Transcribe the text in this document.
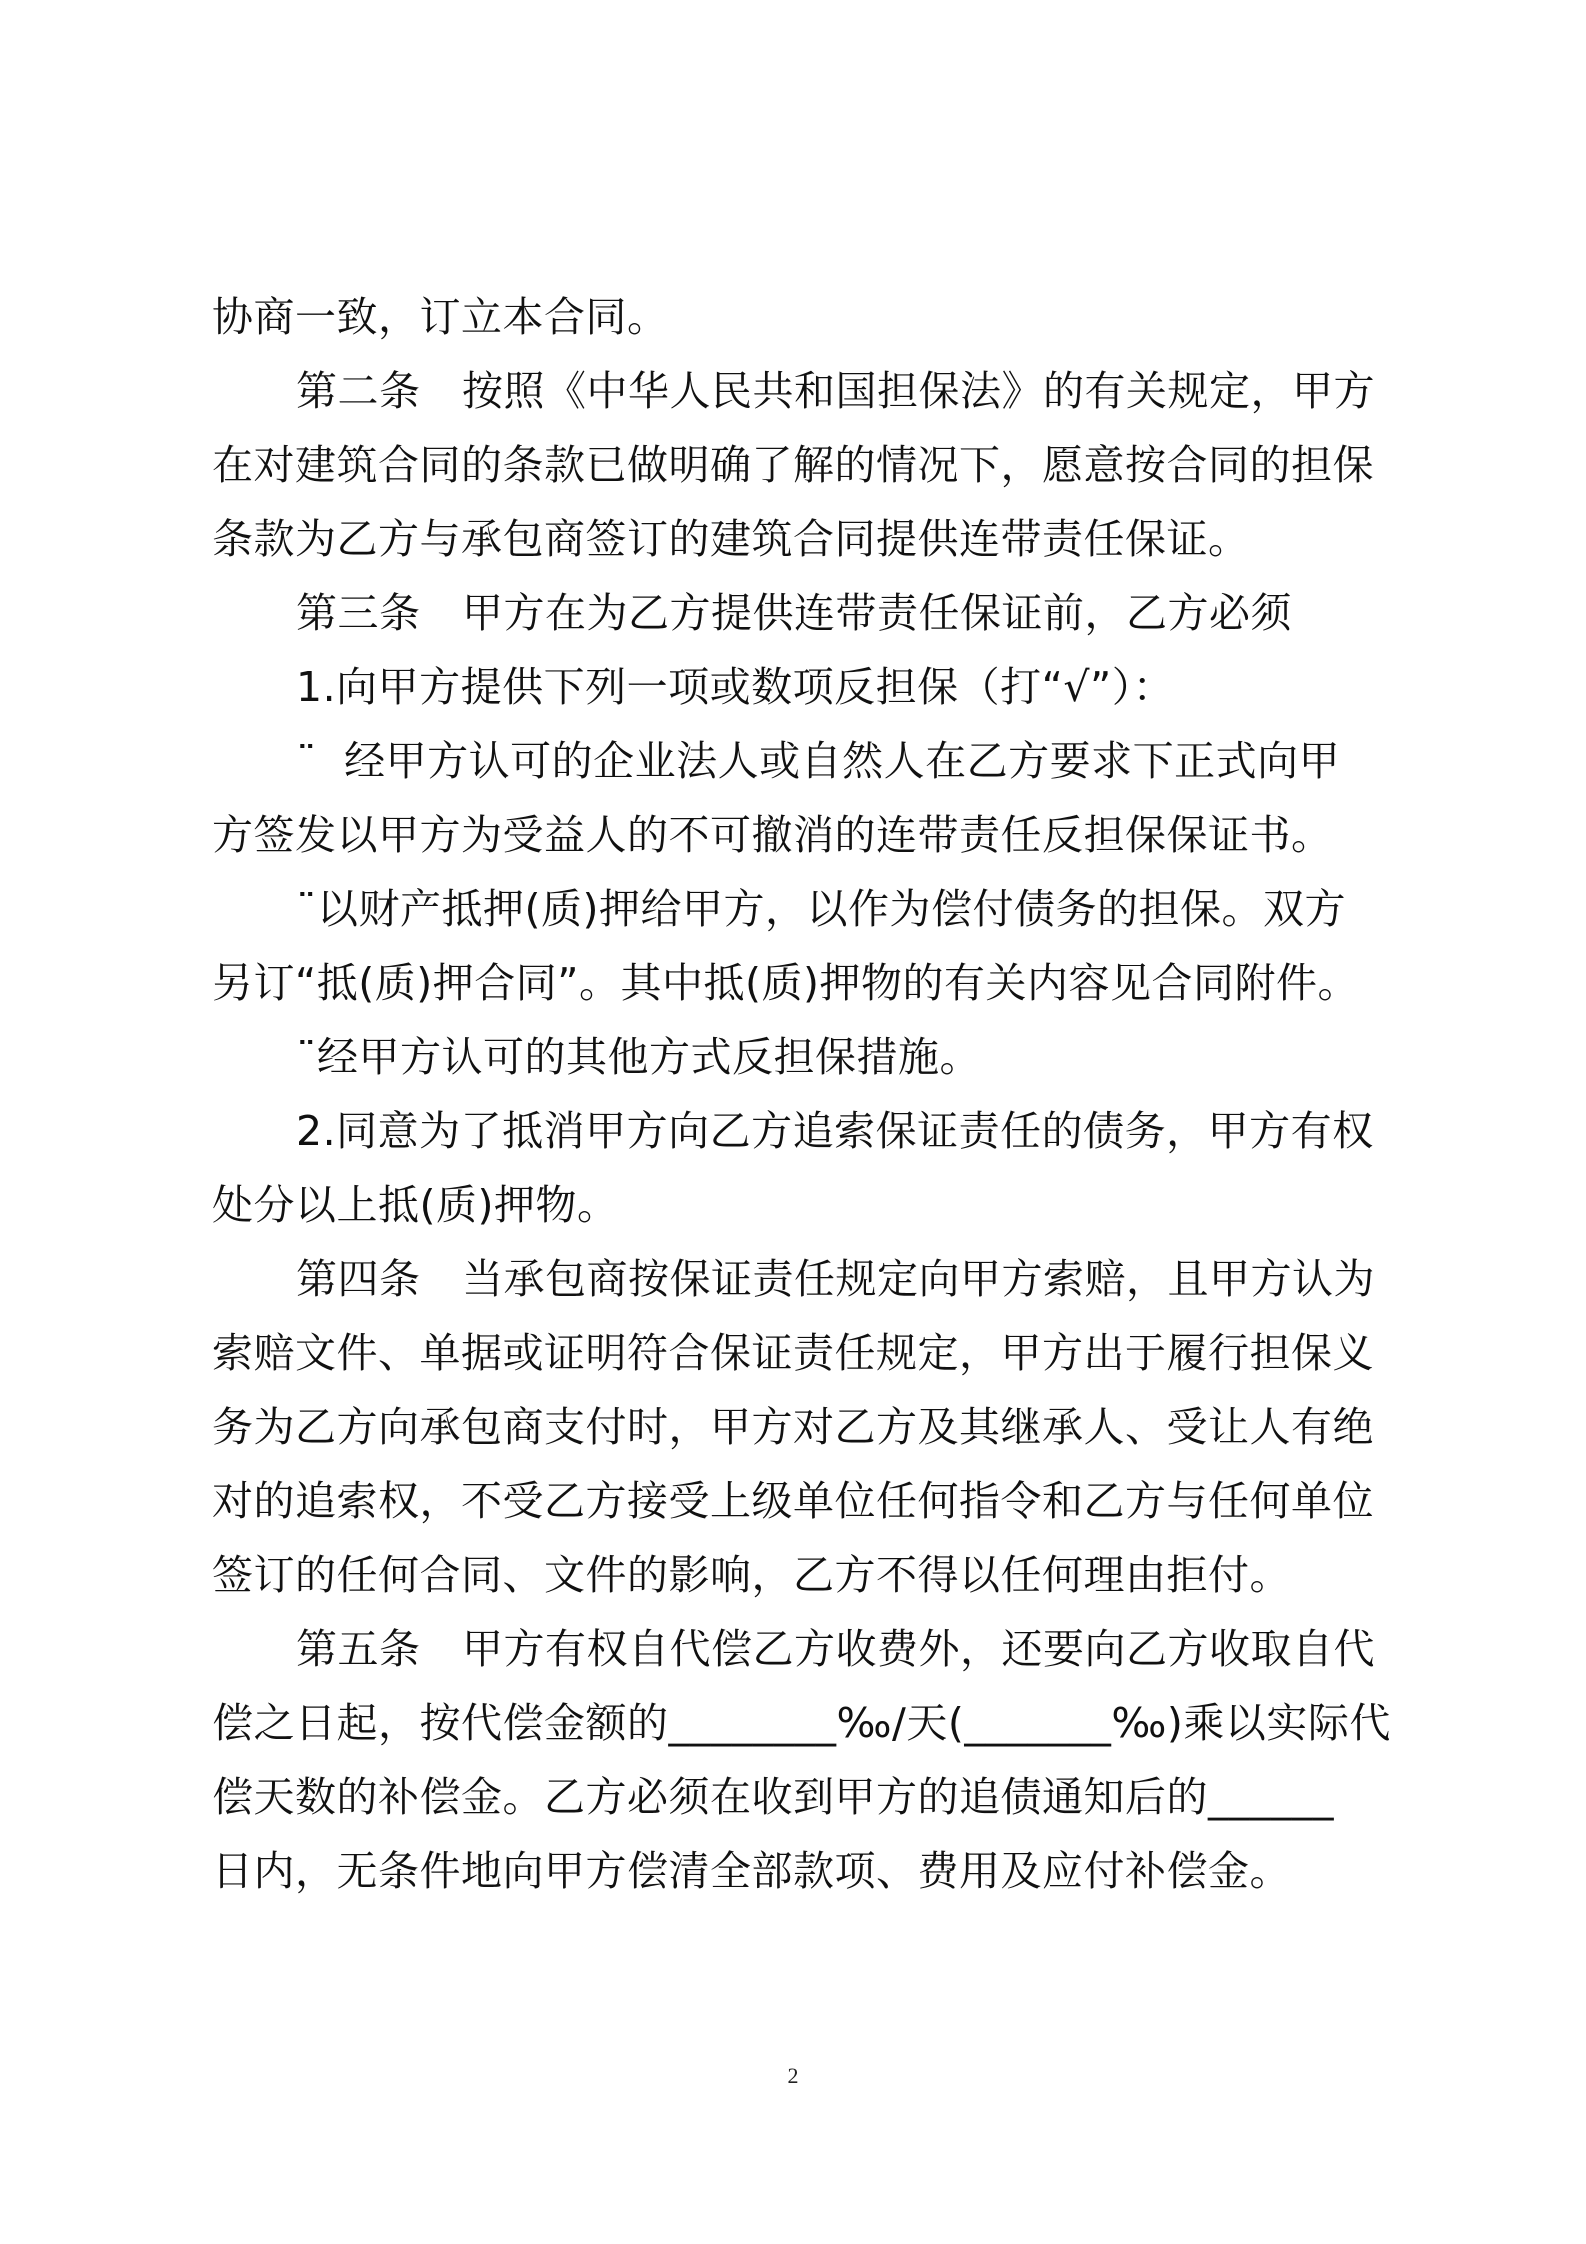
协商一致，订立本合同。
第二条　按照《中华人民共和国担保法》的有关规定，甲方
在对建筑合同的条款已做明确了解的情况下，愿意按合同的担保
条款为乙方与承包商签订的建筑合同提供连带责任保证。
第三条　甲方在为乙方提供连带责任保证前，乙方必须
1.向甲方提供下列一项或数项反担保（打“√”）：
¨  经甲方认可的企业法人或自然人在乙方要求下正式向甲
方签发以甲方为受益人的不可撤消的连带责任反担保保证书。
¨以财产抵押(质)押给甲方，以作为偿付债务的担保。双方
另订“抵(质)押合同”。其中抵(质)押物的有关内容见合同附件。
¨经甲方认可的其他方式反担保措施。
2.同意为了抵消甲方向乙方追索保证责任的债务，甲方有权
处分以上抵(质)押物。
第四条　当承包商按保证责任规定向甲方索赔，且甲方认为
索赔文件、单据或证明符合保证责任规定，甲方出于履行担保义
务为乙方向承包商支付时，甲方对乙方及其继承人、受让人有绝
对的追索权，不受乙方接受上级单位任何指令和乙方与任何单位
签订的任何合同、文件的影响，乙方不得以任何理由拒付。
第五条　甲方有权自代偿乙方收费外，还要向乙方收取自代
偿之日起，按代偿金额的________‰/天(_______‰)乘以实际代
偿天数的补偿金。乙方必须在收到甲方的追债通知后的______
日内，无条件地向甲方偿清全部款项、费用及应付补偿金。
2
